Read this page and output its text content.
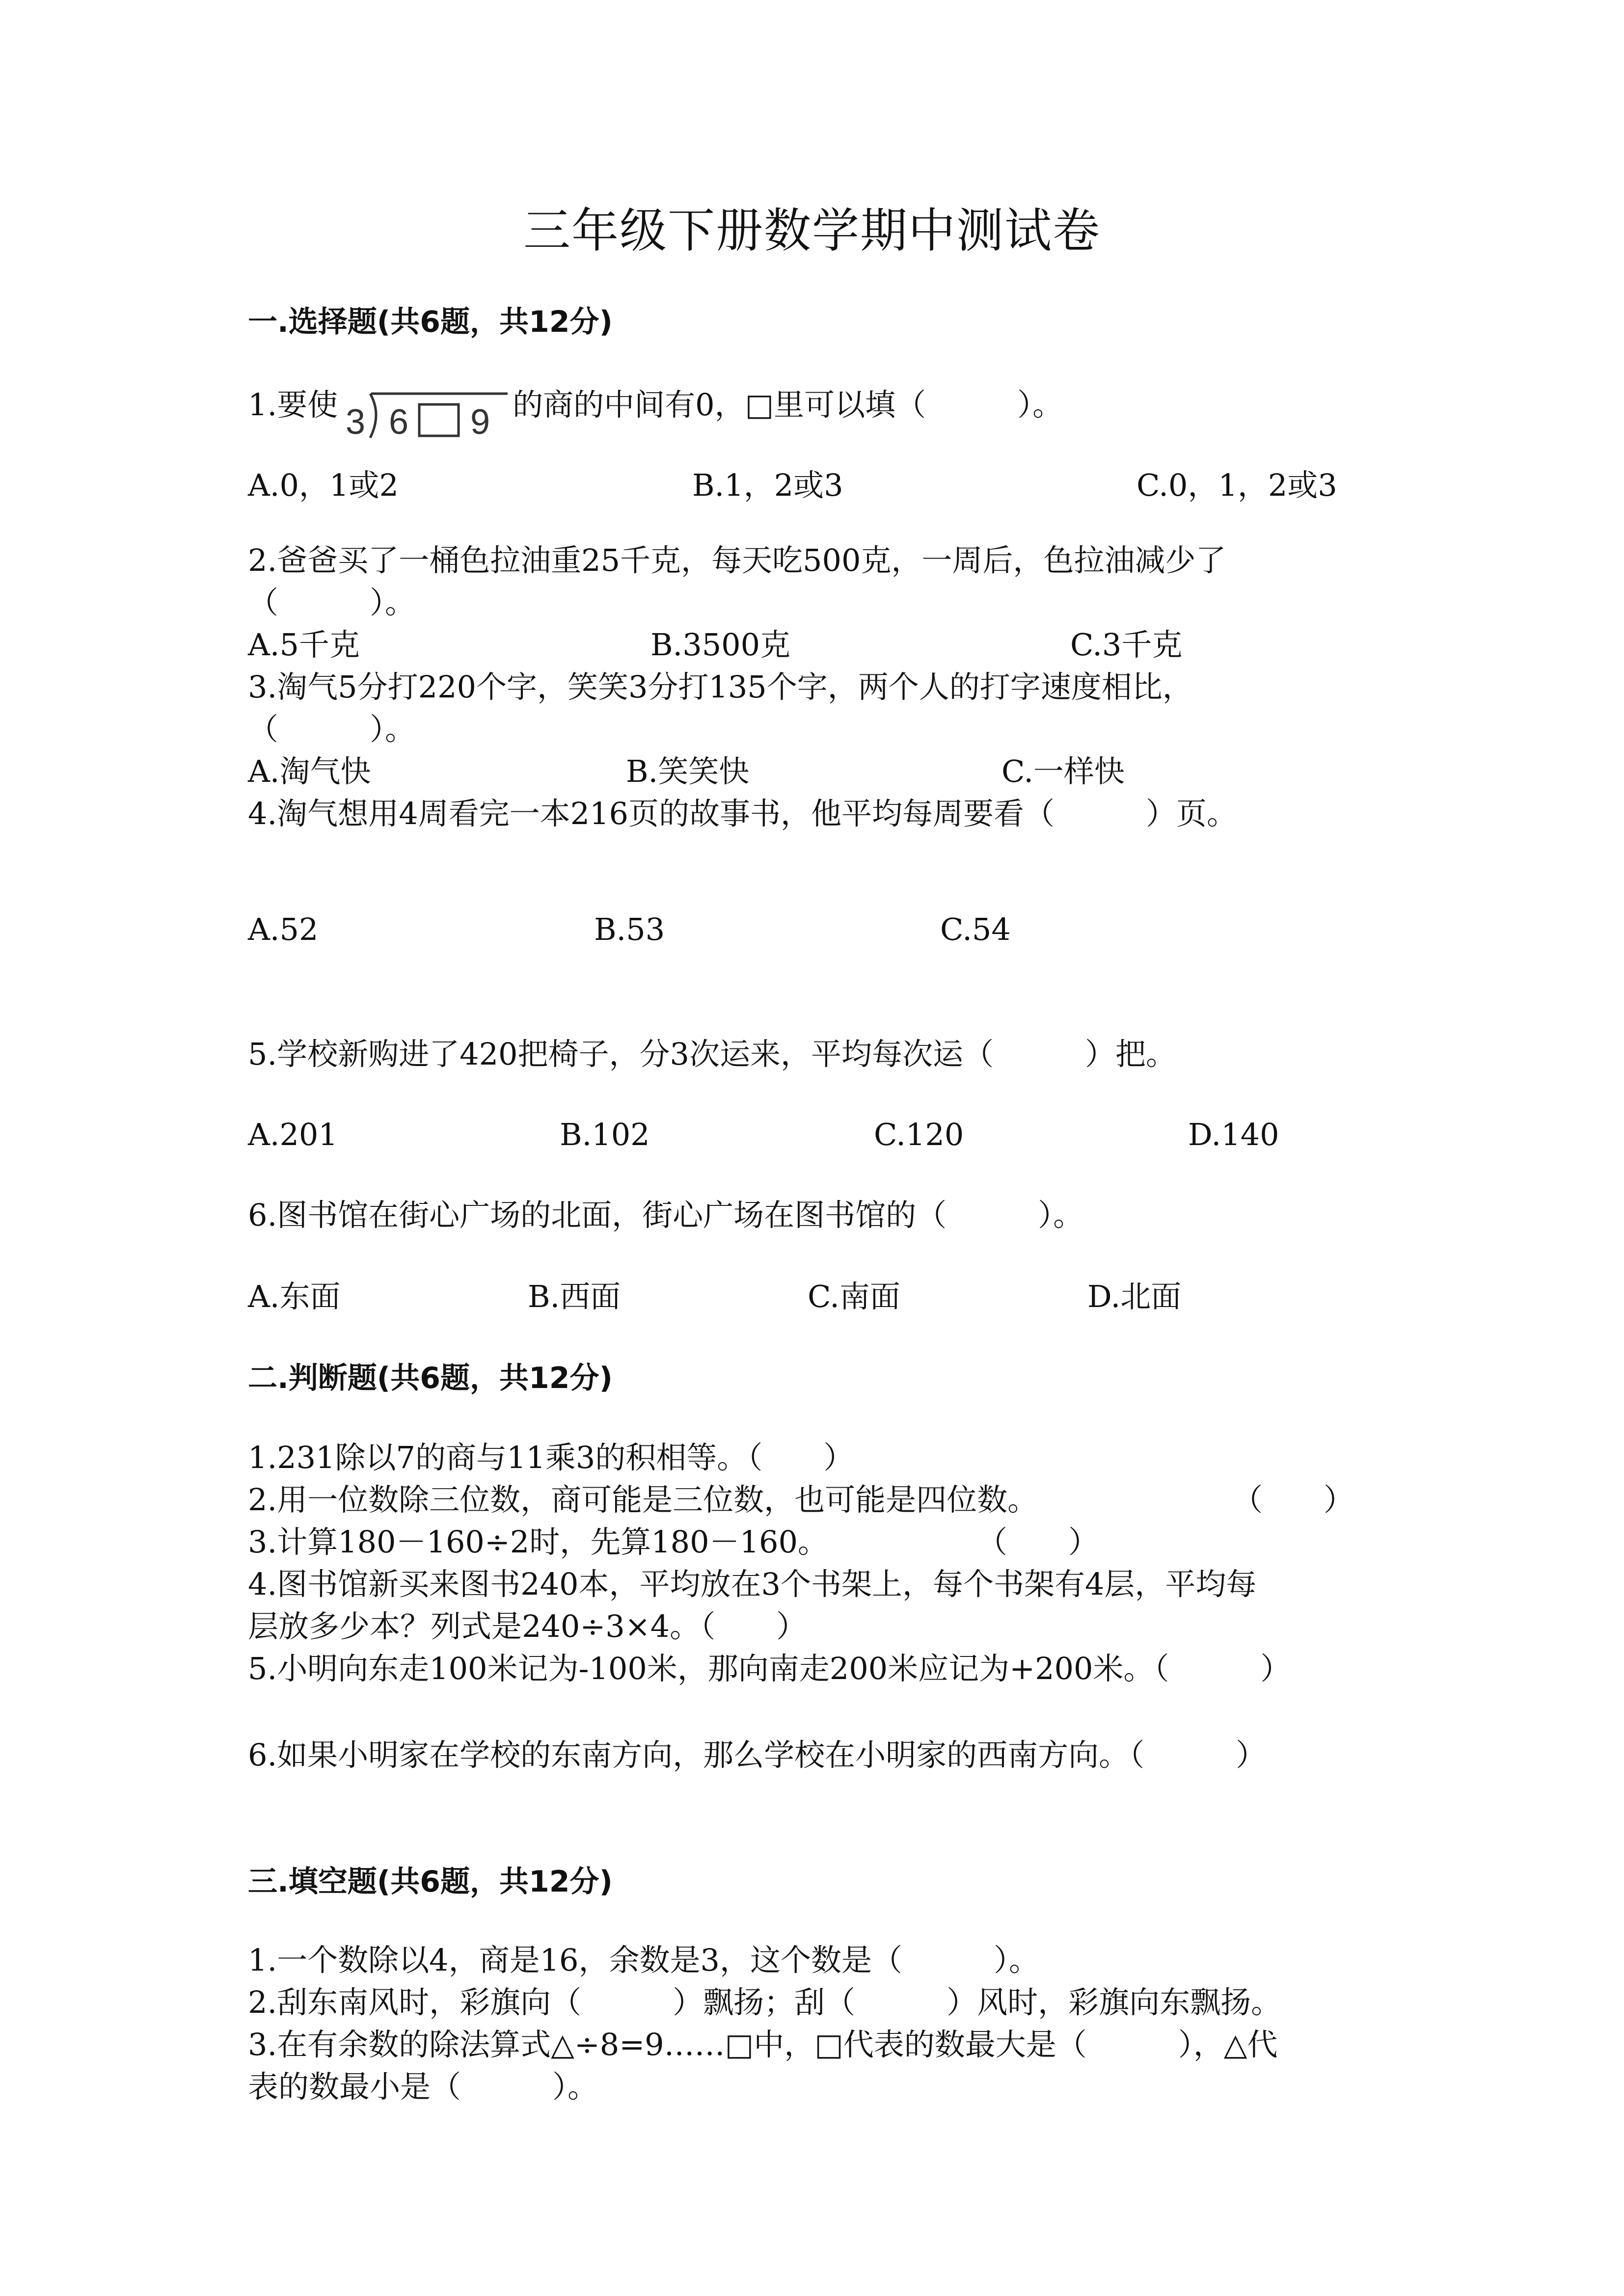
三年级下册数学期中测试卷
一.选择题(共6题，共12分)
1.要使 3 6 9 的商的中间有0，□里可以填（　　　）。
A.0，1或2	B.1，2或3	C.0，1，2或3
2.爸爸买了一桶色拉油重25千克，每天吃500克，一周后，色拉油减少了
（　　　）。
A.5千克	B.3500克	C.3千克
3.淘气5分打220个字，笑笑3分打135个字，两个人的打字速度相比，
（　　　）。
A.淘气快	B.笑笑快	C.一样快
4.淘气想用4周看完一本216页的故事书，他平均每周要看（　　　）页。
A.52	B.53	C.54
5.学校新购进了420把椅子，分3次运来，平均每次运（　　　）把。
A.201	B.102	C.120	D.140
6.图书馆在街心广场的北面，街心广场在图书馆的（　　　）。
A.东面	B.西面	C.南面	D.北面
二.判断题(共6题，共12分)
1.231除以7的商与11乘3的积相等。（　　）
2.用一位数除三位数，商可能是三位数，也可能是四位数。	（　　）
3.计算180－160÷2时，先算180－160。	（　　）
4.图书馆新买来图书240本，平均放在3个书架上，每个书架有4层，平均每
层放多少本？列式是240÷3×4。（　　）
5.小明向东走100米记为-100米，那向南走200米应记为+200米。（　　　）
6.如果小明家在学校的东南方向，那么学校在小明家的西南方向。（　　　）
三.填空题(共6题，共12分)
1.一个数除以4，商是16，余数是3，这个数是（　　　）。
2.刮东南风时，彩旗向（　　　）飘扬；刮（　　　）风时，彩旗向东飘扬。
3.在有余数的除法算式△÷8=9……□中，□代表的数最大是（　　　），△代
表的数最小是（　　　）。
